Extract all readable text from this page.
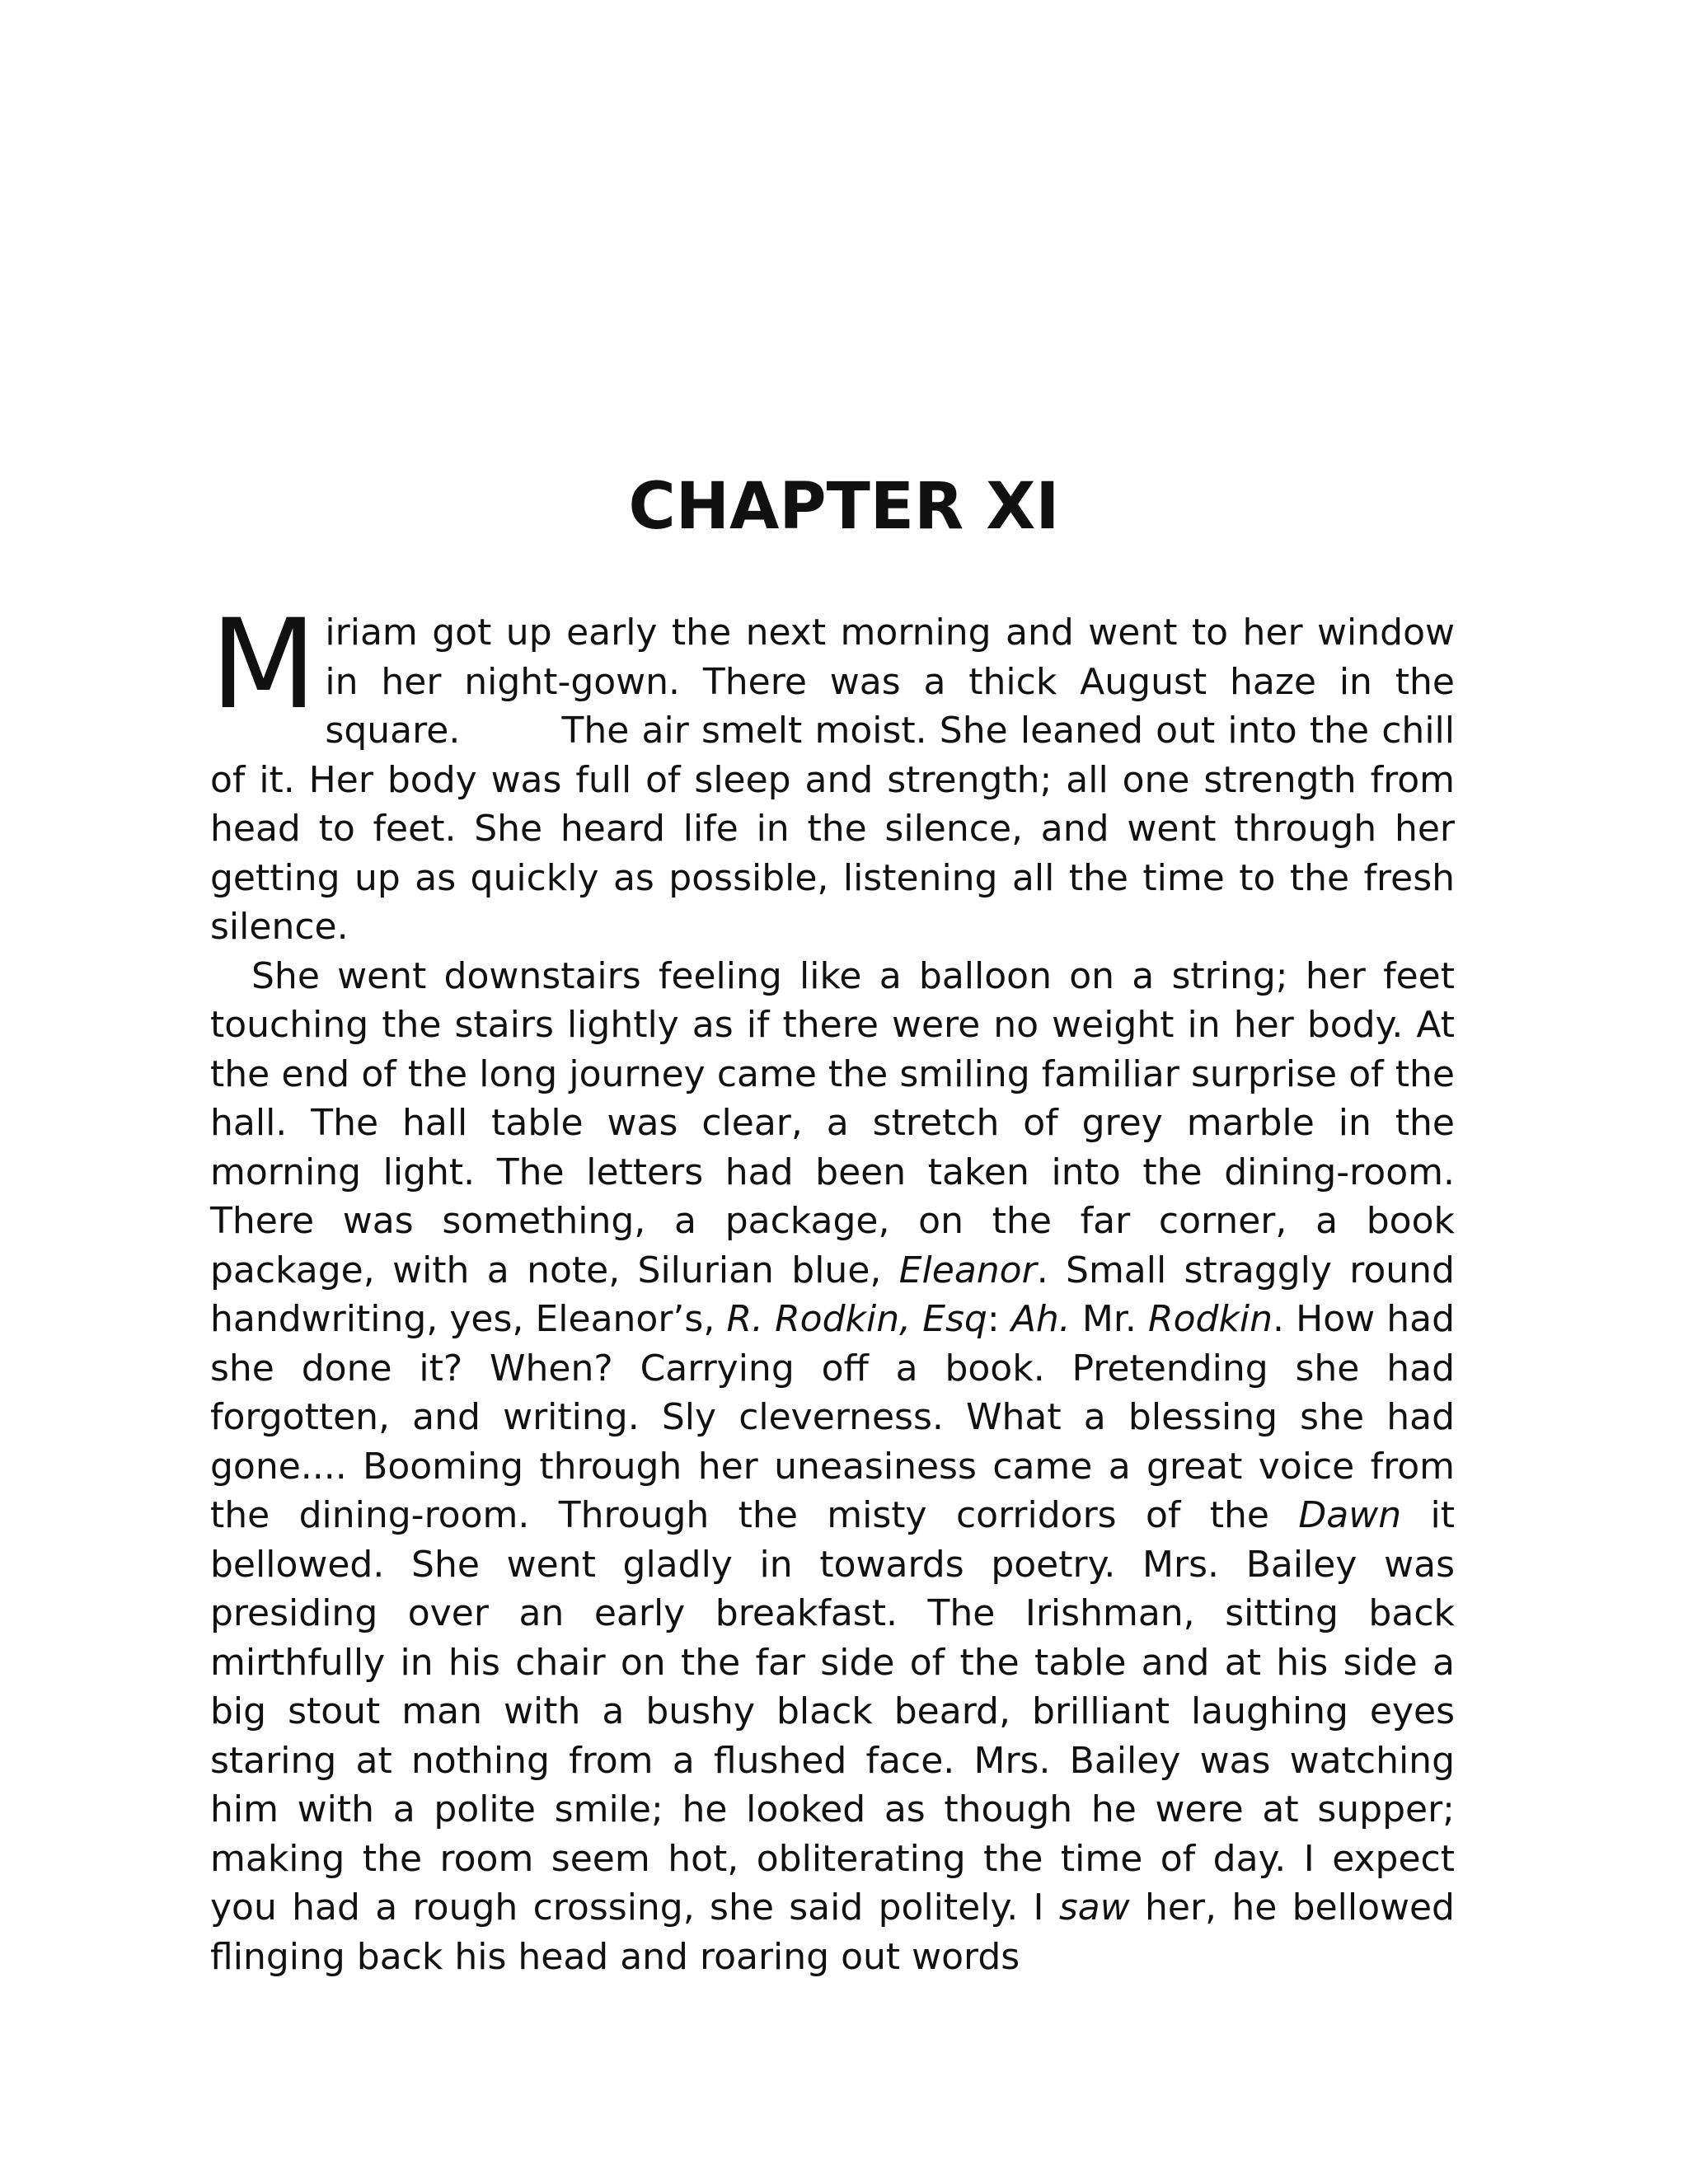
CHAPTER XI

Miriam got up early the next morning and went to her window in her night-gown. There was a thick August haze in the square.	The air smelt moist. She leaned out into the chill of it. Her body was full of sleep and strength; all one strength from head to feet. She heard life in the silence, and went through her getting up as quickly as possible, listening all the time to the fresh silence.

She went downstairs feeling like a balloon on a string; her feet touching the stairs lightly as if there were no weight in her body. At the end of the long journey came the smiling familiar surprise of the hall. The hall table was clear, a stretch of grey marble in the morning light. The letters had been taken into the dining-room. There was something, a package, on the far corner, a book package, with a note, Silurian blue, Eleanor. Small straggly round handwriting, yes, Eleanor’s, R. Rodkin, Esq: Ah. Mr. Rodkin. How had she done it? When? Carrying off a book. Pretending she had forgotten, and writing. Sly cleverness. What a blessing she had gone.... Booming through her uneasiness came a great voice from the dining-room. Through the misty corridors of the Dawn it bellowed. She went gladly in towards poetry. Mrs. Bailey was presiding over an early breakfast. The Irishman, sitting back mirthfully in his chair on the far side of the table and at his side a big stout man with a bushy black beard, brilliant laughing eyes staring at nothing from a flushed face. Mrs. Bailey was watching him with a polite smile; he looked as though he were at supper; making the room seem hot, obliterating the time of day. I expect you had a rough crossing, she said politely. I saw her, he bellowed flinging back his head and roaring out words
